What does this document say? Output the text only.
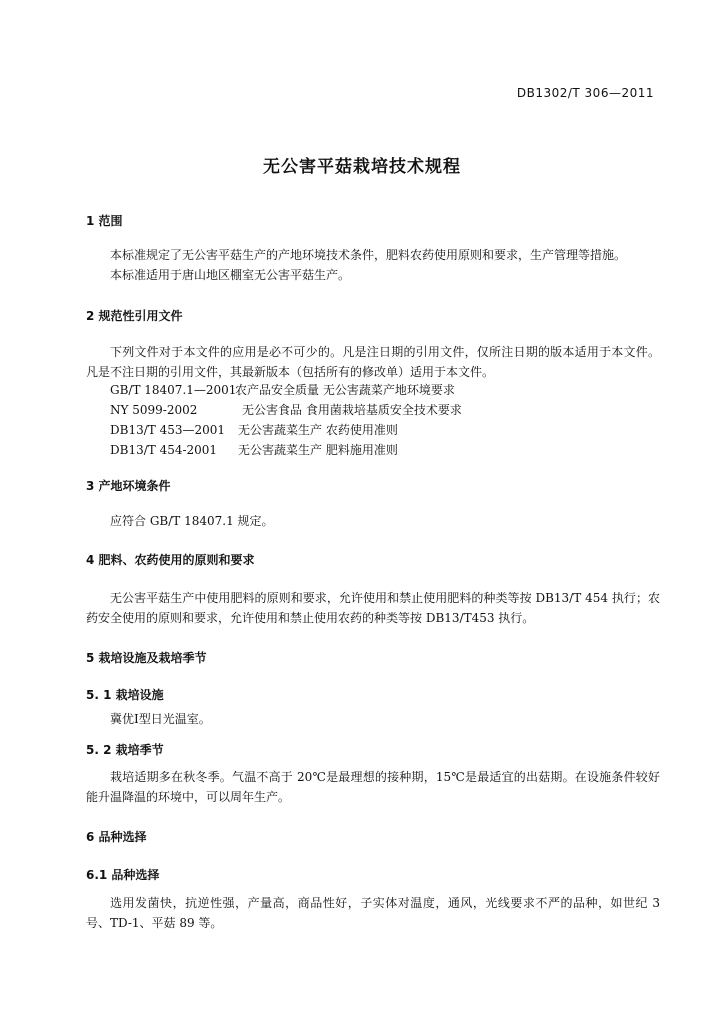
DB1302/T 306—2011
无公害平菇栽培技术规程
1 范围
本标准规定了无公害平菇生产的产地环境技术条件，肥料农药使用原则和要求，生产管理等措施。
本标准适用于唐山地区棚室无公害平菇生产。
2 规范性引用文件
下列文件对于本文件的应用是必不可少的。凡是注日期的引用文件，仅所注日期的版本适用于本文件。凡是不注日期的引用文件，其最新版本（包括所有的修改单）适用于本文件。
GB/T 18407.1—2001农产品安全质量 无公害蔬菜产地环境要求
NY 5099-2002	无公害食品 食用菌栽培基质安全技术要求
DB13/T 453—2001 无公害蔬菜生产 农药使用准则
DB13/T 454-2001 无公害蔬菜生产 肥料施用准则
3 产地环境条件
应符合 GB/T 18407.1 规定。
4 肥料、农药使用的原则和要求
无公害平菇生产中使用肥料的原则和要求，允许使用和禁止使用肥料的种类等按 DB13/T 454 执行；农药安全使用的原则和要求，允许使用和禁止使用农药的种类等按 DB13/T453 执行。
5 栽培设施及栽培季节
5. 1 栽培设施
冀优Ⅰ型日光温室。
5. 2 栽培季节
栽培适期多在秋冬季。气温不高于 20℃是最理想的接种期，15℃是最适宜的出菇期。在设施条件较好能升温降温的环境中，可以周年生产。
6 品种选择
6.1 品种选择
选用发菌快，抗逆性强，产量高，商品性好，子实体对温度，通风，光线要求不严的品种，如世纪 3 号、TD-1、平菇 89 等。
